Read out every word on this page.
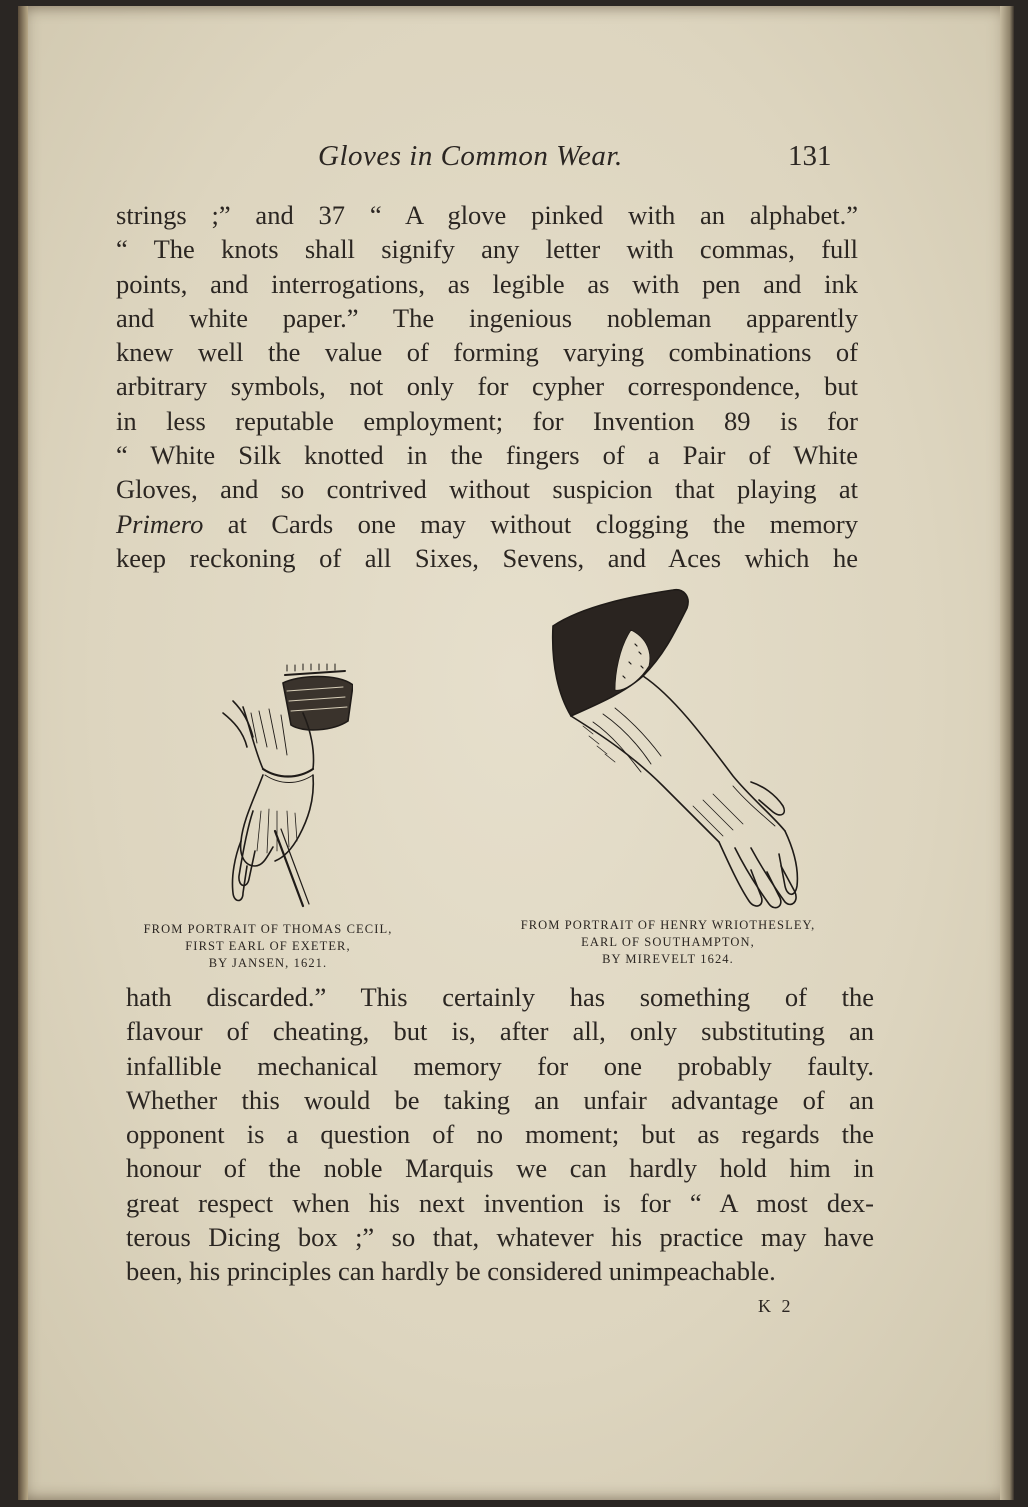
Gloves in Common Wear.	131

strings ;” and 37 “ A glove pinked with an alphabet.”
“ The knots shall signify any letter with commas, full
points, and interrogations, as legible as with pen and ink
and white paper.” The ingenious nobleman apparently
knew well the value of forming varying combinations of
arbitrary symbols, not only for cypher correspondence, but
in less reputable employment; for Invention 89 is for
“ White Silk knotted in the fingers of a Pair of White
Gloves, and so contrived without suspicion that playing at
Primero at Cards one may without clogging the memory
keep reckoning of all Sixes, Sevens, and Aces which he

FROM PORTRAIT OF THOMAS CECIL,
FIRST EARL OF EXETER,
BY JANSEN, 1621.
FROM PORTRAIT OF HENRY WRIOTHESLEY,
EARL OF SOUTHAMPTON,
BY MIREVELT 1624.

hath discarded.” This certainly has something of the
flavour of cheating, but is, after all, only substituting an
infallible mechanical memory for one probably faulty.
Whether this would be taking an unfair advantage of an
opponent is a question of no moment; but as regards the
honour of the noble Marquis we can hardly hold him in
great respect when his next invention is for “ A most dex-
terous Dicing box ;” so that, whatever his practice may have
been, his principles can hardly be considered unimpeachable.

K 2
